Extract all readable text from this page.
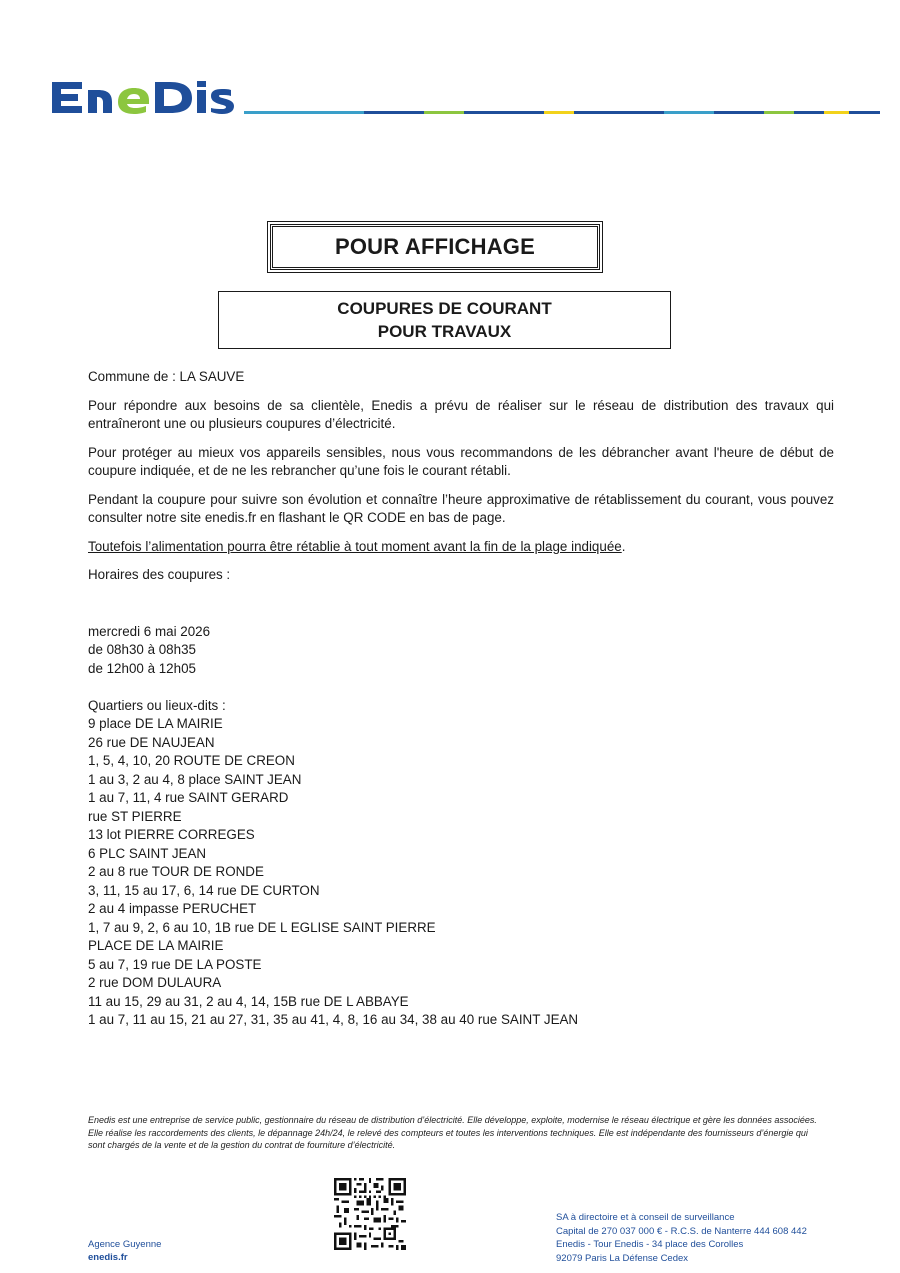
POUR AFFICHAGE
COUPURES DE COURANT
POUR TRAVAUX

Commune de : LA SAUVE

Pour répondre aux besoins de sa clientèle, Enedis a prévu de réaliser sur le réseau de distribution des travaux qui entraîneront une ou plusieurs coupures d’électricité.

Pour protéger au mieux vos appareils sensibles, nous vous recommandons de les débrancher avant l'heure de début de coupure indiquée, et de ne les rebrancher qu’une fois le courant rétabli.

Pendant la coupure pour suivre son évolution et connaître l’heure approximative de rétablissement du courant, vous pouvez consulter notre site enedis.fr en flashant le QR CODE en bas de page.

Toutefois l’alimentation pourra être rétablie à tout moment avant la fin de la plage indiquée.

Horaires des coupures :

mercredi 6 mai 2026
de 08h30 à 08h35
de 12h00 à 12h05
Quartiers ou lieux-dits :
9 place DE LA MAIRIE
26 rue DE NAUJEAN
1, 5, 4, 10, 20 ROUTE DE CREON
1 au 3, 2 au 4, 8 place SAINT JEAN
1 au 7, 11, 4 rue SAINT GERARD
rue ST PIERRE
13 lot PIERRE CORREGES
6 PLC SAINT JEAN
2 au 8 rue TOUR DE RONDE
3, 11, 15 au 17, 6, 14 rue DE CURTON
2 au 4 impasse PERUCHET
1, 7 au 9, 2, 6 au 10, 1B rue DE L EGLISE SAINT PIERRE
PLACE DE LA MAIRIE
5 au 7, 19 rue DE LA POSTE
2 rue DOM DULAURA
11 au 15, 29 au 31, 2 au 4, 14, 15B rue DE L ABBAYE
1 au 7, 11 au 15, 21 au 27, 31, 35 au 41, 4, 8, 16 au 34, 38 au 40 rue SAINT JEAN
Enedis est une entreprise de service public, gestionnaire du réseau de distribution d’électricité. Elle développe, exploite, modernise le réseau électrique et gère les données associées. Elle réalise les raccordements des clients, le dépannage 24h/24, le relevé des compteurs et toutes les interventions techniques. Elle est indépendante des fournisseurs d’énergie qui sont chargés de la vente et de la gestion du contrat de fourniture d’électricité.
Agence Guyenne
enedis.fr
SA à directoire et à conseil de surveillance
Capital de 270 037 000 € - R.C.S. de Nanterre 444 608 442
Enedis - Tour Enedis - 34 place des Corolles
92079 Paris La Défense Cedex
